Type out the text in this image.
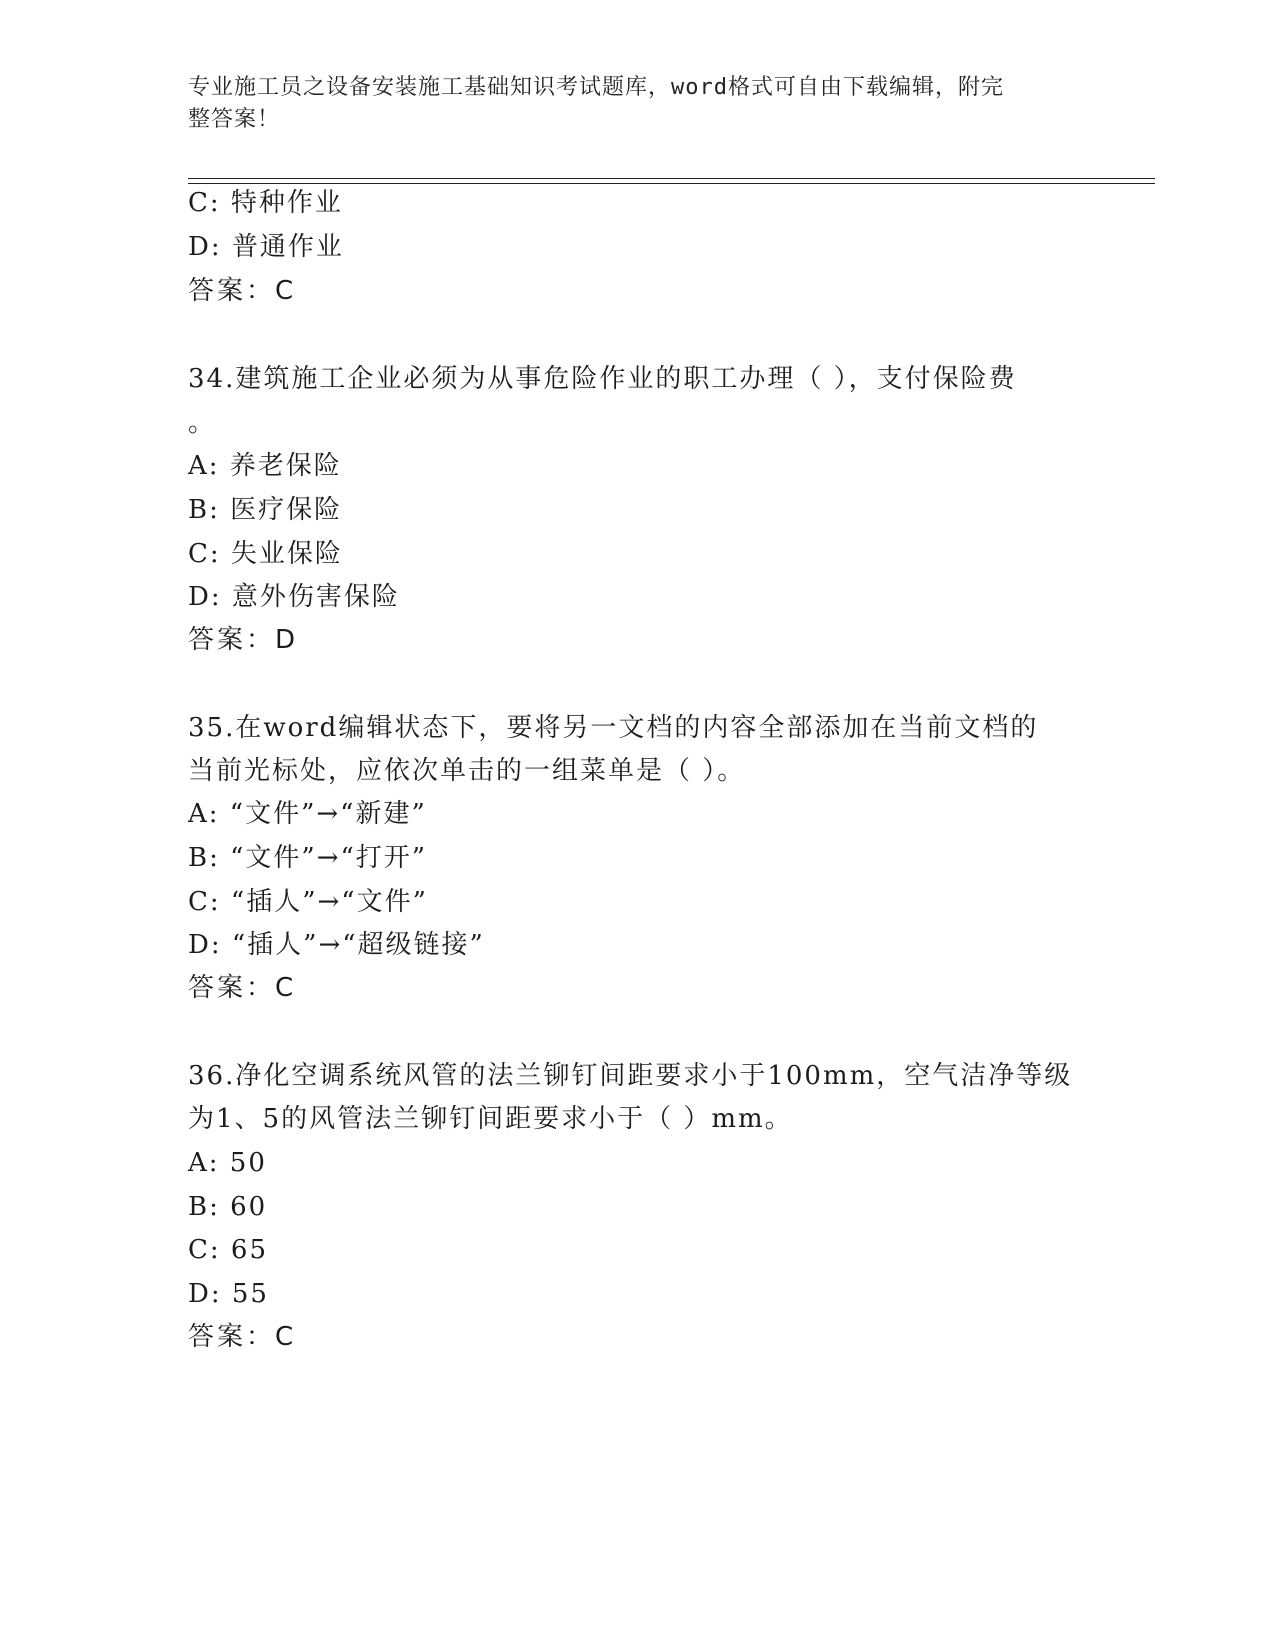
专业施工员之设备安装施工基础知识考试题库，word格式可自由下载编辑，附完
整答案！
C: 特种作业
D: 普通作业
答案：C
34.建筑施工企业必须为从事危险作业的职工办理（ ），支付保险费
。
A: 养老保险
B: 医疗保险
C: 失业保险
D: 意外伤害保险
答案：D
35.在word编辑状态下，要将另一文档的内容全部添加在当前文档的
当前光标处，应依次单击的一组菜单是（ ）。
A: “文件”→“新建”
B: “文件”→“打开”
C: “插人”→“文件”
D: “插人”→“超级链接”
答案：C
36.净化空调系统风管的法兰铆钉间距要求小于100mm，空气洁净等级
为1、5的风管法兰铆钉间距要求小于（ ）mm。
A: 50
B: 60
C: 65
D: 55
答案：C
